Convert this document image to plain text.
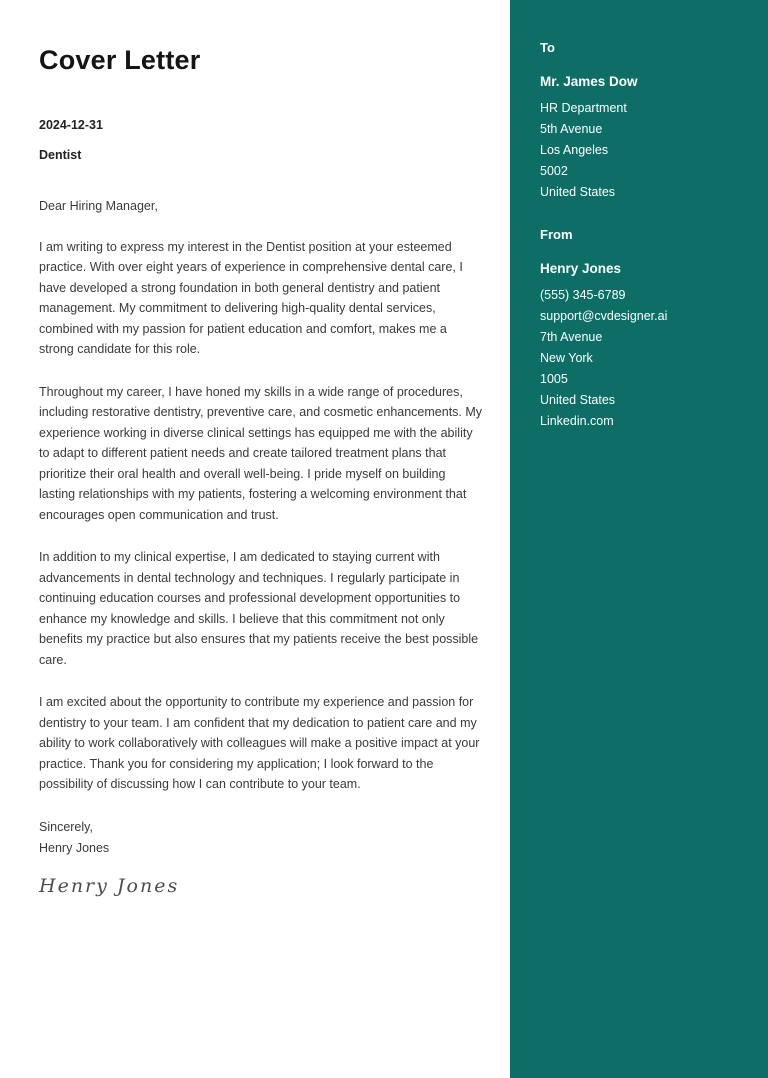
Cover Letter

2024-12-31

Dentist

Dear Hiring Manager,

I am writing to express my interest in the Dentist position at your esteemed practice. With over eight years of experience in comprehensive dental care, I have developed a strong foundation in both general dentistry and patient management. My commitment to delivering high-quality dental services, combined with my passion for patient education and comfort, makes me a strong candidate for this role.

Throughout my career, I have honed my skills in a wide range of procedures, including restorative dentistry, preventive care, and cosmetic enhancements. My experience working in diverse clinical settings has equipped me with the ability to adapt to different patient needs and create tailored treatment plans that prioritize their oral health and overall well-being. I pride myself on building lasting relationships with my patients, fostering a welcoming environment that encourages open communication and trust.

In addition to my clinical expertise, I am dedicated to staying current with advancements in dental technology and techniques. I regularly participate in continuing education courses and professional development opportunities to enhance my knowledge and skills. I believe that this commitment not only benefits my practice but also ensures that my patients receive the best possible care.

I am excited about the opportunity to contribute my experience and passion for dentistry to your team. I am confident that my dedication to patient care and my ability to work collaboratively with colleagues will make a positive impact at your practice. Thank you for considering my application; I look forward to the possibility of discussing how I can contribute to your team.

Sincerely,

Henry Jones

Henry Jones

To

Mr. James Dow

HR Department

5th Avenue

Los Angeles

5002

United States

From

Henry Jones

(555) 345-6789

support@cvdesigner.ai

7th Avenue

New York

1005

United States

Linkedin.com
